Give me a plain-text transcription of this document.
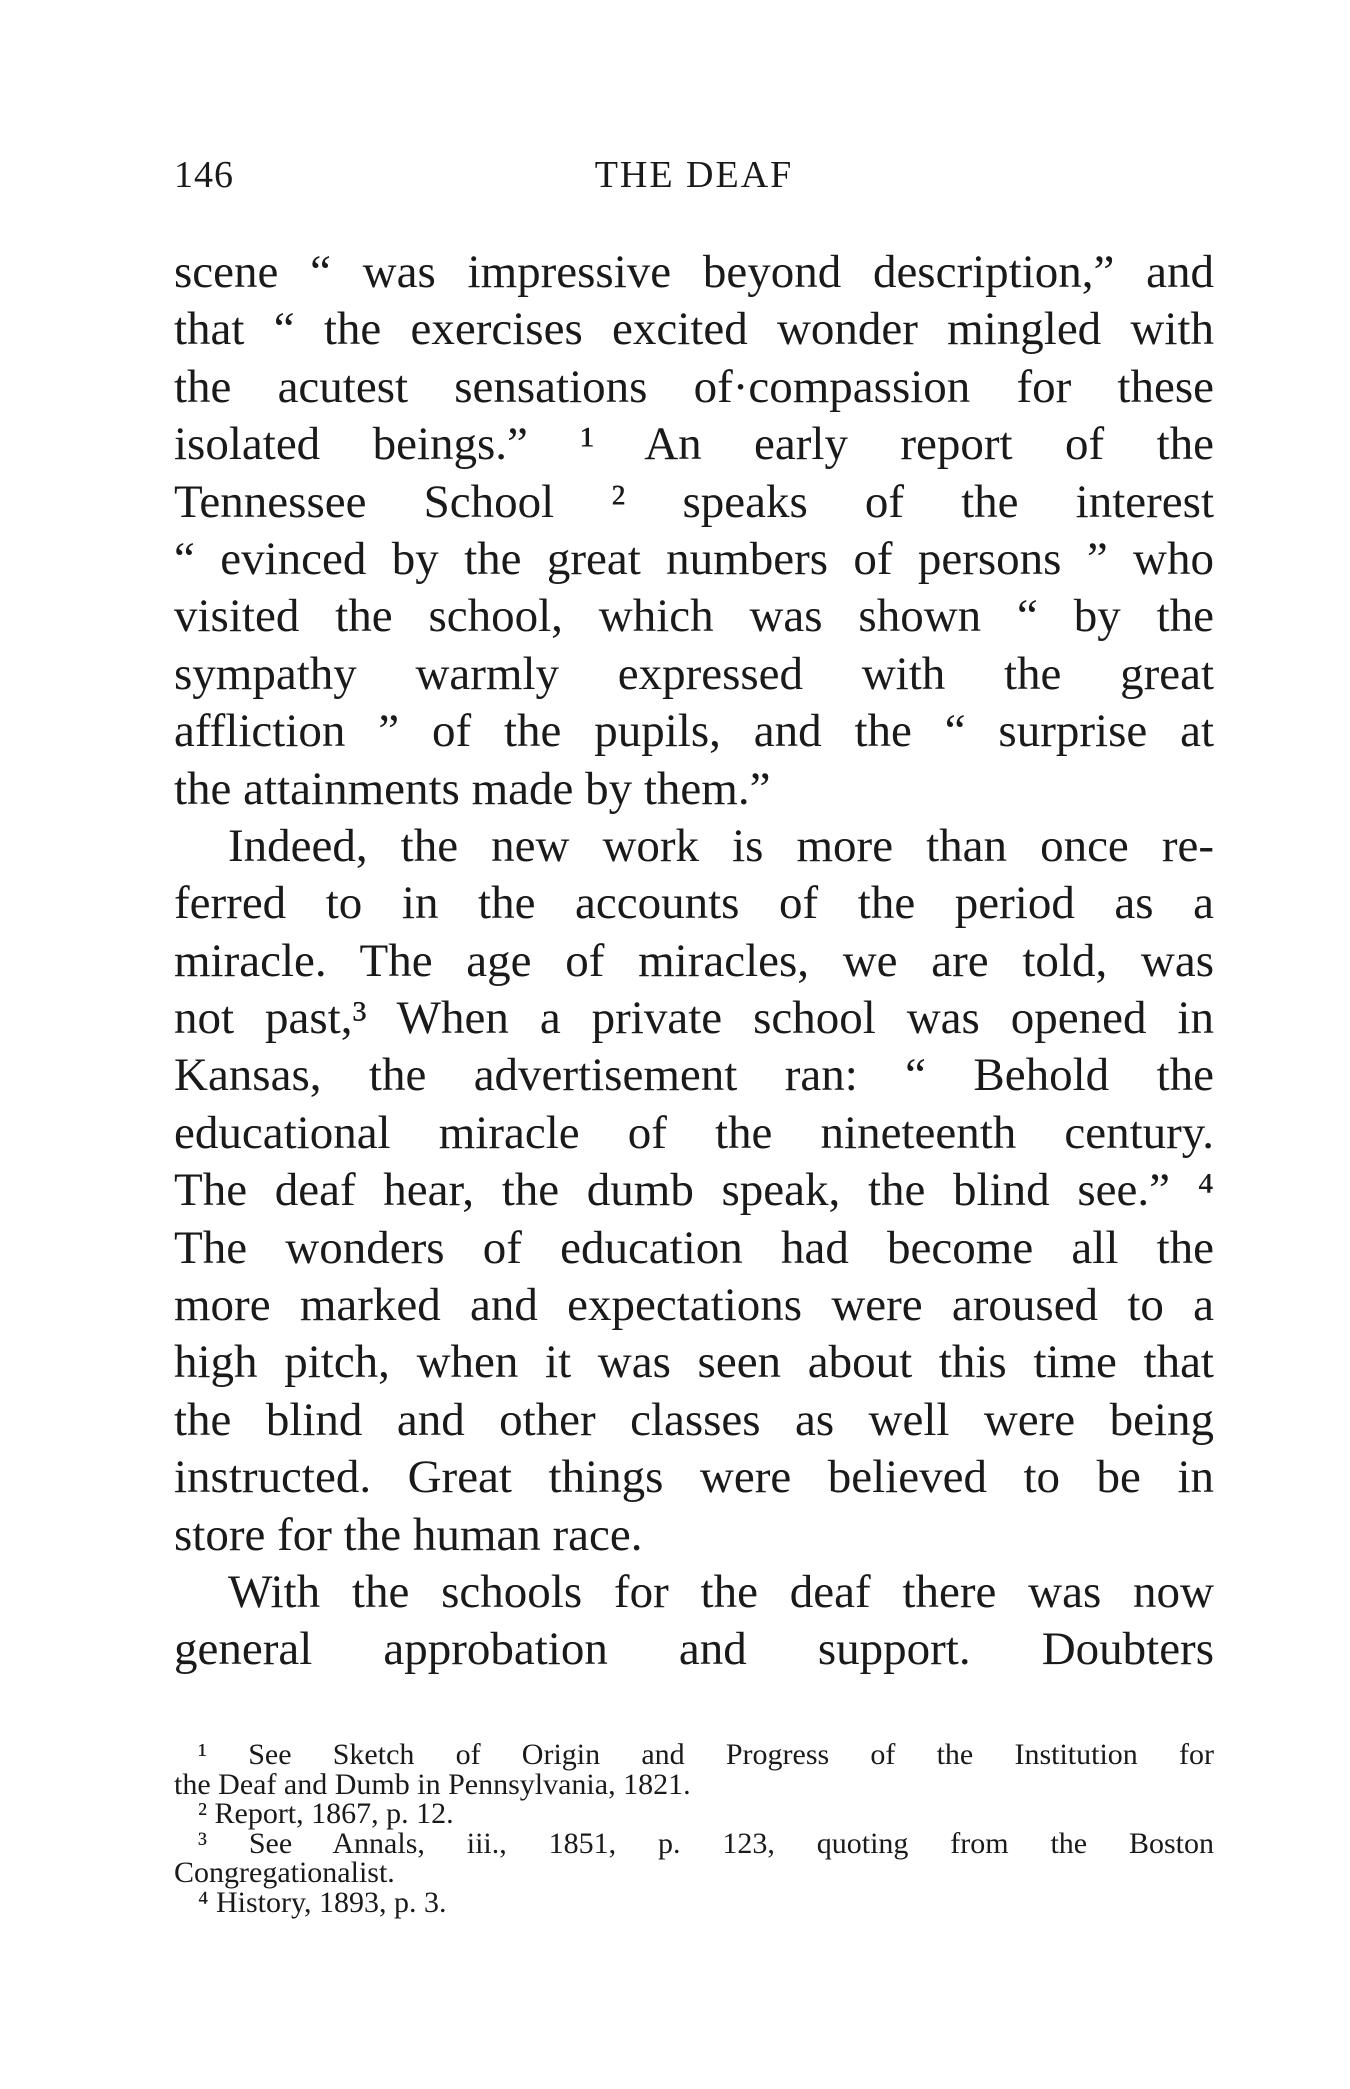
146	THE DEAF
scene “ was impressive beyond description,” and
that “ the exercises excited wonder mingled with
the acutest sensations of·compassion for these
isolated beings.” ¹ An early report of the
Tennessee School ² speaks of the interest
“ evinced by the great numbers of persons ” who
visited the school, which was shown “ by the
sympathy warmly expressed with the great
affliction ” of the pupils, and the “ surprise at
the attainments made by them.”
Indeed, the new work is more than once re-
ferred to in the accounts of the period as a
miracle. The age of miracles, we are told, was
not past,³ When a private school was opened in
Kansas, the advertisement ran: “ Behold the
educational miracle of the nineteenth century.
The deaf hear, the dumb speak, the blind see.” ⁴
The wonders of education had become all the
more marked and expectations were aroused to a
high pitch, when it was seen about this time that
the blind and other classes as well were being
instructed. Great things were believed to be in
store for the human race.
With the schools for the deaf there was now
general approbation and support. Doubters
¹ See Sketch of Origin and Progress of the Institution for
the Deaf and Dumb in Pennsylvania, 1821.
² Report, 1867, p. 12.
³ See Annals, iii., 1851, p. 123, quoting from the Boston
Congregationalist.
⁴ History, 1893, p. 3.
